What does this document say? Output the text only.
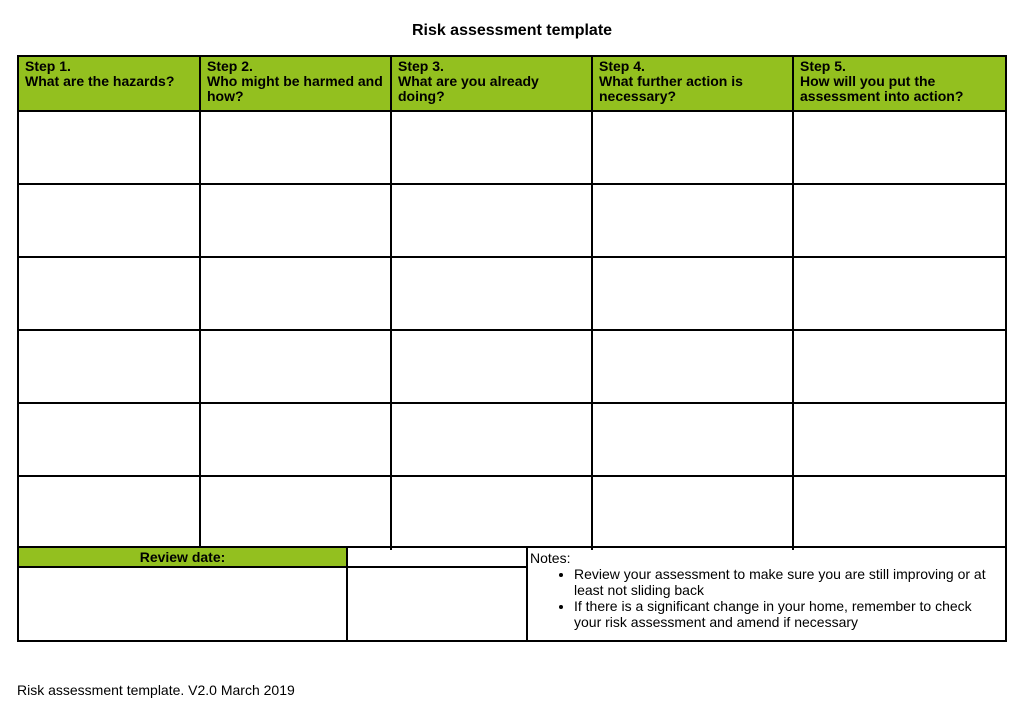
Risk assessment template
Step 1.
What are the hazards?
Step 2.
Who might be harmed and how?
Step 3.
What are you already doing?
Step 4.
What further action is necessary?
Step 5.
How will you put the assessment into action?
Review date:	Notes:
• Review your assessment to make sure you are still improving or at least not sliding back
• If there is a significant change in your home, remember to check your risk assessment and amend if necessary
Risk assessment template. V2.0 March 2019
